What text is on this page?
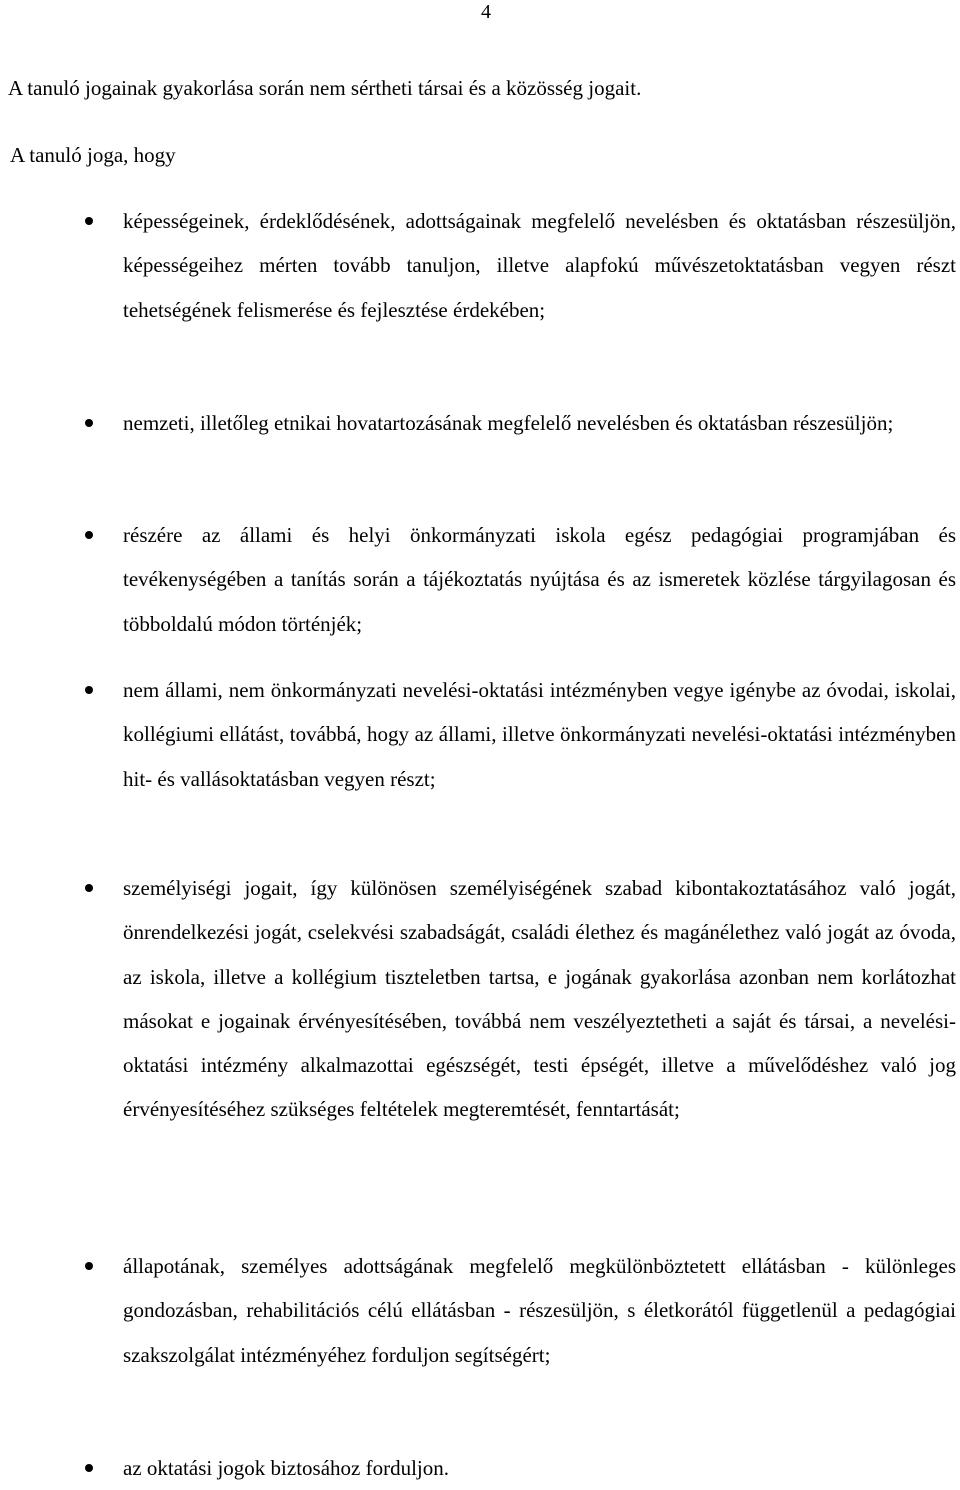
4
A tanuló jogainak gyakorlása során nem sértheti társai és a közösség jogait.
A tanuló joga, hogy
képességeinek, érdeklődésének, adottságainak megfelelő nevelésben és oktatásban részesüljön, képességeihez mérten tovább tanuljon, illetve alapfokú művészetoktatásban vegyen részt tehetségének felismerése és fejlesztése érdekében;
nemzeti, illetőleg etnikai hovatartozásának megfelelő nevelésben és oktatásban részesüljön;
részére az állami és helyi önkormányzati iskola egész pedagógiai programjában és tevékenységében a tanítás során a tájékoztatás nyújtása és az ismeretek közlése tárgyilagosan és többoldalú módon történjék;
nem állami, nem önkormányzati nevelési-oktatási intézményben vegye igénybe az óvodai, iskolai, kollégiumi ellátást, továbbá, hogy az állami, illetve önkormányzati nevelési-oktatási intézményben hit- és vallásoktatásban vegyen részt;
személyiségi jogait, így különösen személyiségének szabad kibontakoztatásához való jogát, önrendelkezési jogát, cselekvési szabadságát, családi élethez és magánélethez való jogát az óvoda, az iskola, illetve a kollégium tiszteletben tartsa, e jogának gyakorlása azonban nem korlátozhat másokat e jogainak érvényesítésében, továbbá nem veszélyeztetheti a saját és társai, a nevelési-oktatási intézmény alkalmazottai egészségét, testi épségét, illetve a művelődéshez való jog érvényesítéséhez szükséges feltételek megteremtését, fenntartását;
állapotának, személyes adottságának megfelelő megkülönböztetett ellátásban - különleges gondozásban, rehabilitációs célú ellátásban - részesüljön, s életkorától függetlenül a pedagógiai szakszolgálat intézményéhez forduljon segítségért;
az oktatási jogok biztosához forduljon.
